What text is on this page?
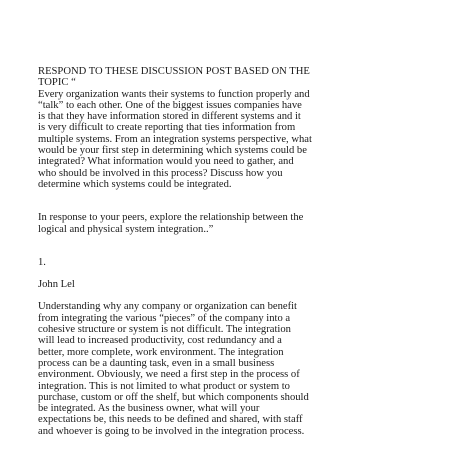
RESPOND TO THESE DISCUSSION POST BASED ON THE

TOPIC “

Every organization wants their systems to function properly and

“talk” to each other. One of the biggest issues companies have

is that they have information stored in different systems and it

is very difficult to create reporting that ties information from

multiple systems. From an integration systems perspective, what

would be your first step in determining which systems could be

integrated? What information would you need to gather, and

who should be involved in this process? Discuss how you

determine which systems could be integrated.

In response to your peers, explore the relationship between the

logical and physical system integration..”

1.

John Lel

Understanding why any company or organization can benefit

from integrating the various “pieces” of the company into a

cohesive structure or system is not difficult. The integration

will lead to increased productivity, cost redundancy and a

better, more complete, work environment. The integration

process can be a daunting task, even in a small business

environment. Obviously, we need a first step in the process of

integration. This is not limited to what product or system to

purchase, custom or off the shelf, but which components should

be integrated. As the business owner, what will your

expectations be, this needs to be defined and shared, with staff

and whoever is going to be involved in the integration process.
